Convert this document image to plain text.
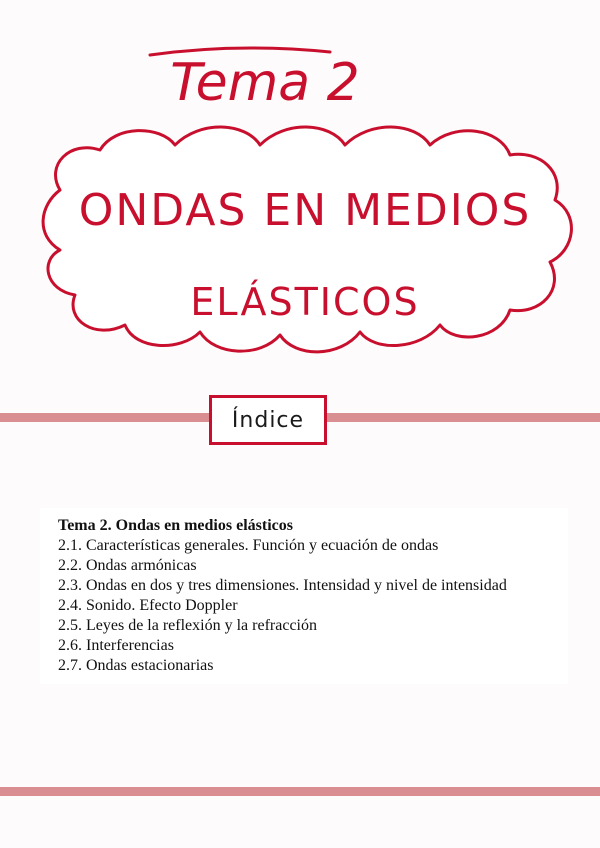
Tema 2
ONDAS EN MEDIOS
ELÁSTICOS
Índice
Tema 2. Ondas en medios elásticos
2.1. Características generales. Función y ecuación de ondas
2.2. Ondas armónicas
2.3. Ondas en dos y tres dimensiones. Intensidad y nivel de intensidad
2.4. Sonido. Efecto Doppler
2.5. Leyes de la reflexión y la refracción
2.6. Interferencias
2.7. Ondas estacionarias
